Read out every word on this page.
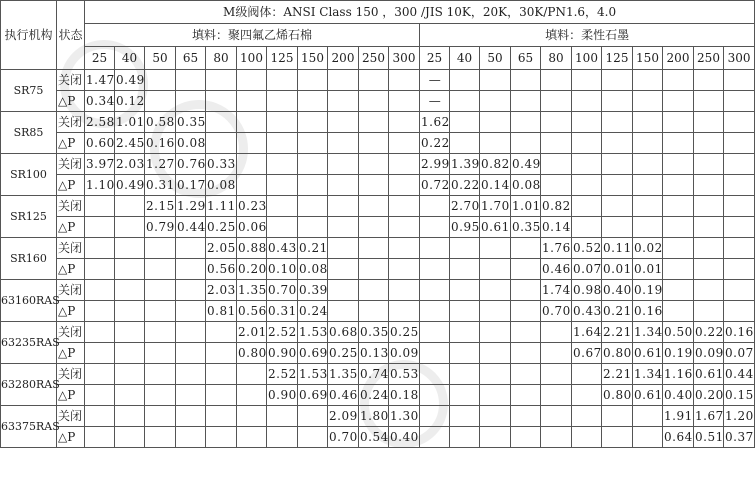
执行机构	状态	M级阀体：ANSI Class 150 ，300 /JIS 10K，20K，30K/PN1.6，4.0																					
		填料：聚四氟乙烯石棉											填料：柔性石墨										
		25	40	50	65	80	100	125	150	200	250	300	25	40	50	65	80	100	125	150	200	250	300
SR75	关闭	1.47	0.49										—										
	△P	0.34	0.12										—										
SR85	关闭	2.58	1.01	0.58	0.35								1.62										
	△P	0.60	2.45	0.16	0.08								0.22										
SR100	关闭	3.97	2.03	1.27	0.76	0.33							2.99	1.39	0.82	0.49							
	△P	1.10	0.49	0.31	0.17	0.08							0.72	0.22	0.14	0.08							
SR125	关闭			2.15	1.29	1.11	0.23							2.70	1.70	1.01	0.82						
	△P			0.79	0.44	0.25	0.06							0.95	0.61	0.35	0.14						
SR160	关闭					2.05	0.88	0.43	0.21								1.76	0.52	0.11	0.02			
	△P					0.56	0.20	0.10	0.08								0.46	0.07	0.01	0.01			
63160RAS	关闭					2.03	1.35	0.70	0.39								1.74	0.98	0.40	0.19			
	△P					0.81	0.56	0.31	0.24								0.70	0.43	0.21	0.16			
63235RAS	关闭						2.01	2.52	1.53	0.68	0.35	0.25						1.64	2.21	1.34	0.50	0.22	0.16
	△P						0.80	0.90	0.69	0.25	0.13	0.09						0.67	0.80	0.61	0.19	0.09	0.07
63280RAS	关闭							2.52	1.53	1.35	0.74	0.53							2.21	1.34	1.16	0.61	0.44
	△P							0.90	0.69	0.46	0.24	0.18							0.80	0.61	0.40	0.20	0.15
63375RAS	关闭									2.09	1.80	1.30									1.91	1.67	1.20
	△P									0.70	0.54	0.40									0.64	0.51	0.37
